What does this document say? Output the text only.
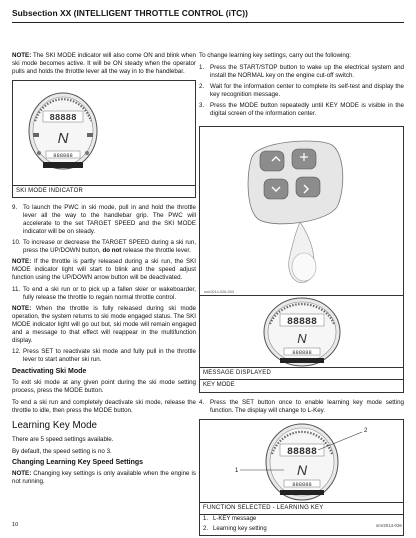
Subsection XX (INTELLIGENT THROTTLE CONTROL (iTC))

NOTE: The SKI MODE indicator will also come ON and blink when ski mode becomes active. It will be ON steady when the operator pulls and holds the throttle lever all the way in to the handlebar.

88888
N
888888
SKI MODE INDICATOR
9. To launch the PWC in ski mode, pull in and hold the throttle lever all the way to the handlebar grip. The PWC will accelerate to the set TARGET SPEED and the SKI MODE indicator will be on steady.
10. To increase or decrease the TARGET SPEED during a ski run, press the UP/DOWN button, do not release the throttle lever.

NOTE: If the throttle is partly released during a ski run, the SKI MODE indicator light will start to blink and the speed adjust function using the UP/DOWN arrow button will be deactivated.

11. To end a ski run or to pick up a fallen skier or wakeboarder, fully release the throttle to regain normal throttle control.

NOTE: When the throttle is fully released during ski mode operation, the system returns to ski mode engaged status. The SKI MODE indicator light will go out but, ski mode will remain engaged and a message to that effect will reappear in the multifunction display.

12. Press SET to reactivate ski mode and fully pull in the throttle lever to start another ski run.
Deactivating Ski Mode

To exit ski mode at any given point during the ski mode setting process, press the MODE button.

To end a ski run and completely deactivate ski mode, release the throttle to idle, then press the MODE button.

Learning Key Mode

There are 5 speed settings available.

By default, the speed setting is no 3.

Changing Learning Key Speed Settings

NOTE: Changing key settings is only available when the engine is not running.

To change learning key settings, carry out the following:

1. Press the START/STOP button to wake up the electrical system and install the NORMAL key on the engine cut-off switch.
2. Wait for the information center to complete its self-test and display the key recognition message.
3. Press the MODE button repeatedly until KEY MODE is visible in the digital screen of the information center.
smr2014-026-003
88888
N
888888
MESSAGE DISPLAYED
KEY MODE
4. Press the SET button once to enable learning key mode setting function. The display will change to L-Key.
88888
N
888888
1
2
FUNCTION SELECTED - LEARNING KEY
1. L-KEY message
2. Learning key setting
10	smr2014-026
